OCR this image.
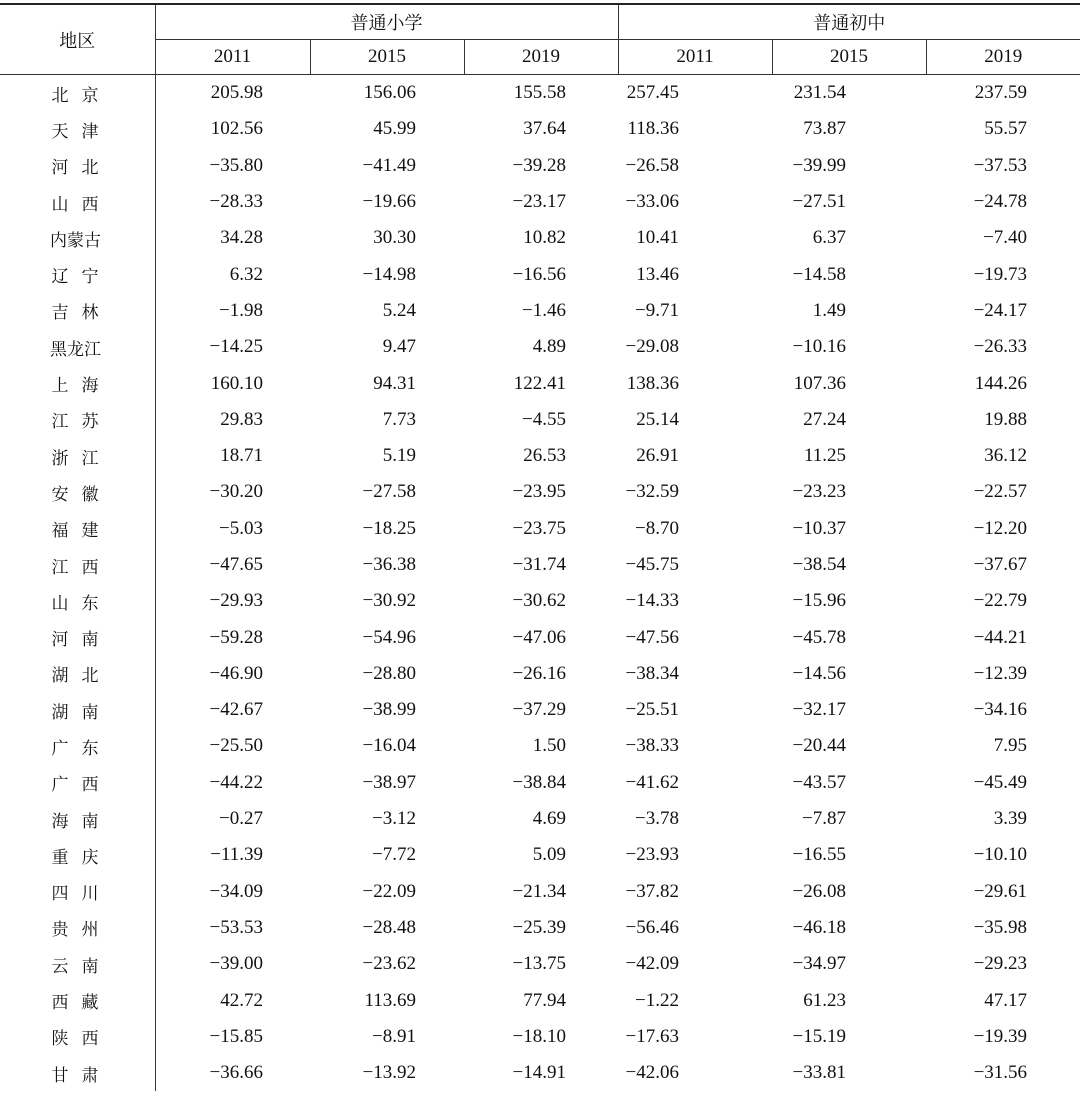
地区	普通小学			普通初中		
	2011	2015	2019	2011	2015	2019
北 京	205.98	156.06	155.58	257.45	231.54	237.59
天 津	102.56	45.99	37.64	118.36	73.87	55.57
河 北	−35.80	−41.49	−39.28	−26.58	−39.99	−37.53
山 西	−28.33	−19.66	−23.17	−33.06	−27.51	−24.78
内蒙古	34.28	30.30	10.82	10.41	6.37	−7.40
辽 宁	6.32	−14.98	−16.56	13.46	−14.58	−19.73
吉 林	−1.98	5.24	−1.46	−9.71	1.49	−24.17
黑龙江	−14.25	9.47	4.89	−29.08	−10.16	−26.33
上 海	160.10	94.31	122.41	138.36	107.36	144.26
江 苏	29.83	7.73	−4.55	25.14	27.24	19.88
浙 江	18.71	5.19	26.53	26.91	11.25	36.12
安 徽	−30.20	−27.58	−23.95	−32.59	−23.23	−22.57
福 建	−5.03	−18.25	−23.75	−8.70	−10.37	−12.20
江 西	−47.65	−36.38	−31.74	−45.75	−38.54	−37.67
山 东	−29.93	−30.92	−30.62	−14.33	−15.96	−22.79
河 南	−59.28	−54.96	−47.06	−47.56	−45.78	−44.21
湖 北	−46.90	−28.80	−26.16	−38.34	−14.56	−12.39
湖 南	−42.67	−38.99	−37.29	−25.51	−32.17	−34.16
广 东	−25.50	−16.04	1.50	−38.33	−20.44	7.95
广 西	−44.22	−38.97	−38.84	−41.62	−43.57	−45.49
海 南	−0.27	−3.12	4.69	−3.78	−7.87	3.39
重 庆	−11.39	−7.72	5.09	−23.93	−16.55	−10.10
四 川	−34.09	−22.09	−21.34	−37.82	−26.08	−29.61
贵 州	−53.53	−28.48	−25.39	−56.46	−46.18	−35.98
云 南	−39.00	−23.62	−13.75	−42.09	−34.97	−29.23
西 藏	42.72	113.69	77.94	−1.22	61.23	47.17
陕 西	−15.85	−8.91	−18.10	−17.63	−15.19	−19.39
甘 肃	−36.66	−13.92	−14.91	−42.06	−33.81	−31.56
